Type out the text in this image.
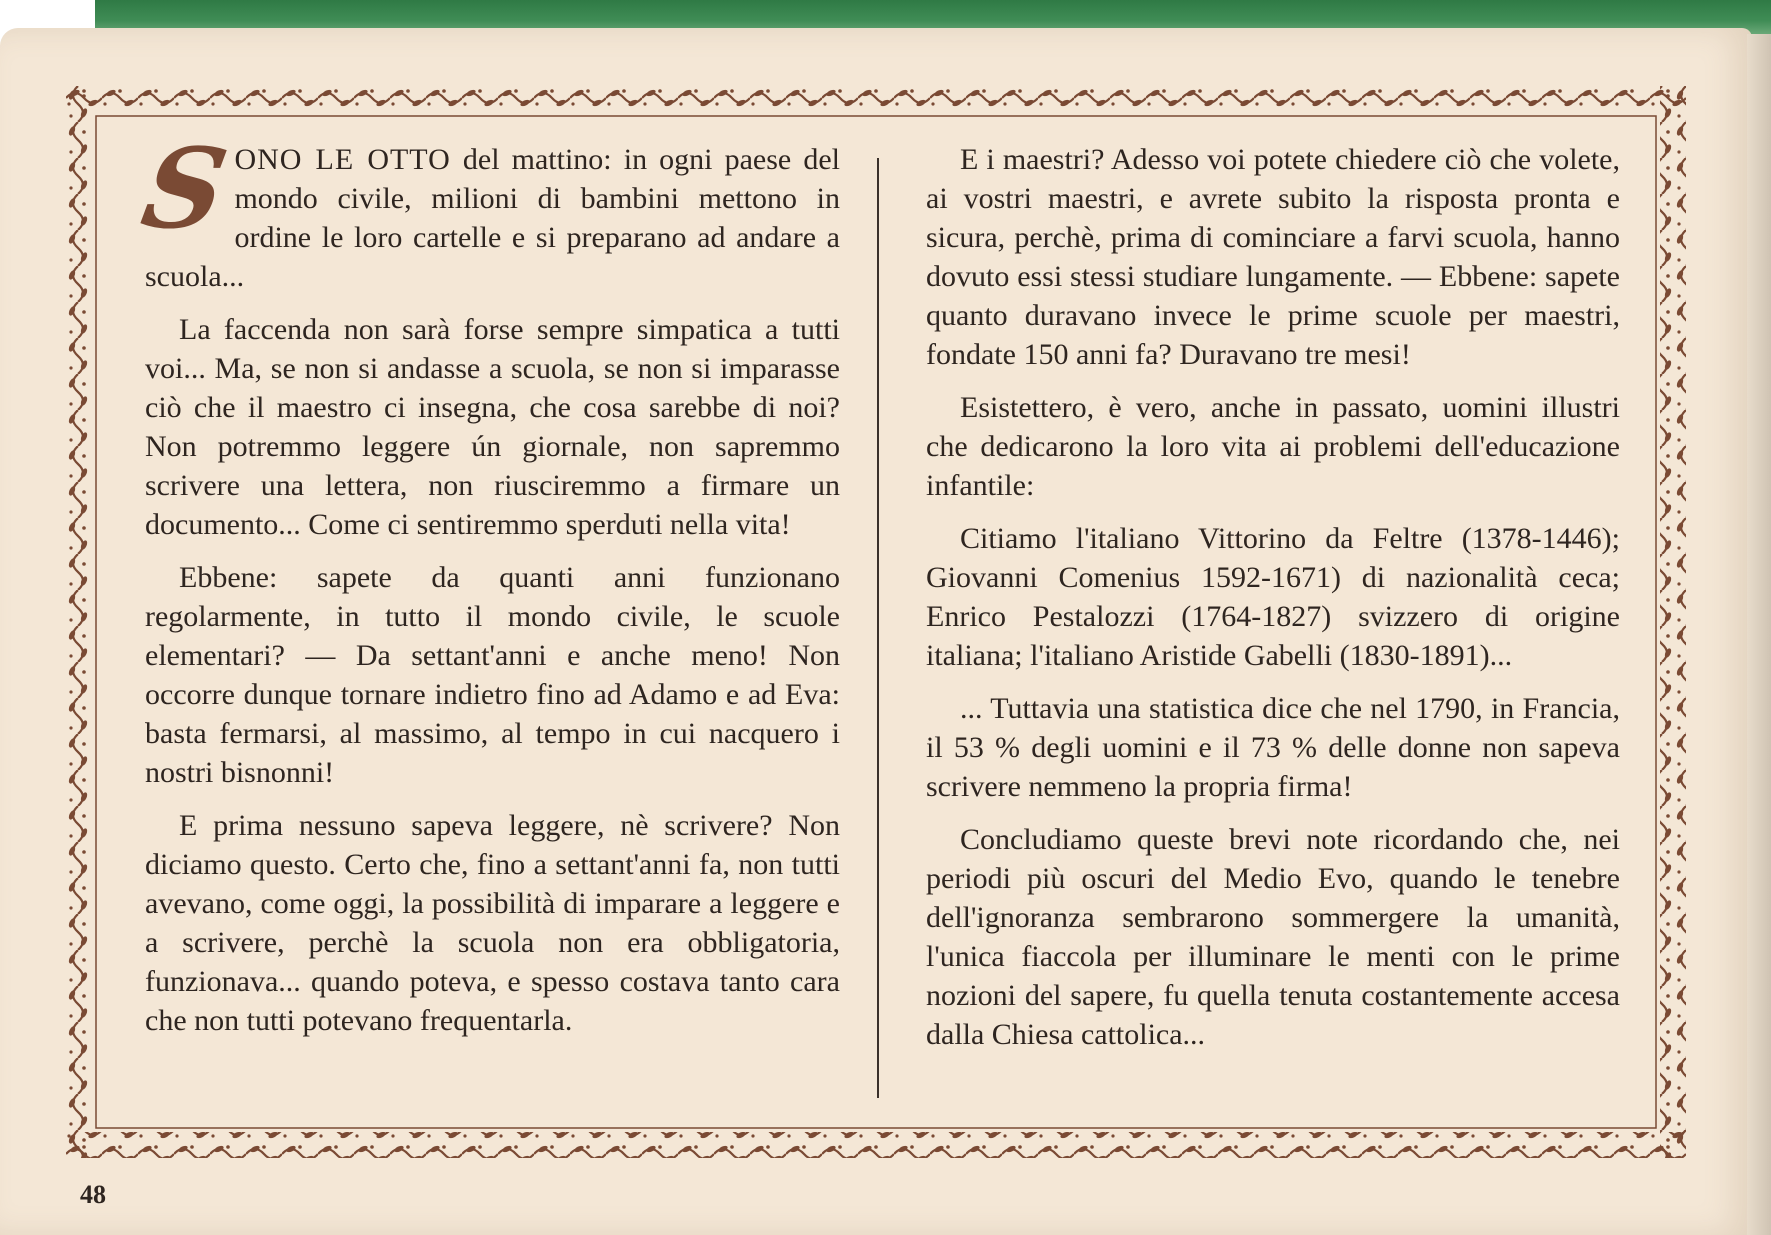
S
ONO LE OTTO del mattino: in ogni paese del mondo civile, milioni di bambini mettono in ordine le loro cartelle e si preparano ad andare a scuola...

La faccenda non sarà forse sempre simpatica a tutti voi... Ma, se non si andasse a scuola, se non si imparasse ciò che il maestro ci insegna, che cosa sarebbe di noi? Non potremmo leggere ún giornale, non sapremmo scrivere una lettera, non riusciremmo a firmare un documento... Come ci sentiremmo sperduti nella vita!

Ebbene: sapete da quanti anni funzionano regolarmente, in tutto il mondo civile, le scuole elementari? — Da settant'anni e anche meno! Non occorre dunque tornare indietro fino ad Adamo e ad Eva: basta fermarsi, al massimo, al tempo in cui nacquero i nostri bisnonni!

E prima nessuno sapeva leggere, nè scrivere? Non diciamo questo. Certo che, fino a settant'anni fa, non tutti avevano, come oggi, la possibilità di imparare a leggere e a scrivere, perchè la scuola non era obbligatoria, funzionava... quando poteva, e spesso costava tanto cara che non tutti potevano frequentarla.

E i maestri? Adesso voi potete chiedere ciò che volete, ai vostri maestri, e avrete subito la risposta pronta e sicura, perchè, prima di cominciare a farvi scuola, hanno dovuto essi stessi studiare lungamente. — Ebbene: sapete quanto duravano invece le prime scuole per maestri, fondate 150 anni fa? Duravano tre mesi!

Esistettero, è vero, anche in passato, uomini illustri che dedicarono la loro vita ai problemi dell'educazione infantile:

Citiamo l'italiano Vittorino da Feltre (1378-1446); Giovanni Comenius 1592-1671) di nazionalità ceca; Enrico Pestalozzi (1764-1827) svizzero di origine italiana; l'italiano Aristide Gabelli (1830-1891)...

... Tuttavia una statistica dice che nel 1790, in Francia, il 53 % degli uomini e il 73 % delle donne non sapeva scrivere nemmeno la propria firma!

Concludiamo queste brevi note ricordando che, nei periodi più oscuri del Medio Evo, quando le tenebre dell'ignoranza sembrarono sommergere la umanità, l'unica fiaccola per illuminare le menti con le prime nozioni del sapere, fu quella tenuta costantemente accesa dalla Chiesa cattolica...

48
